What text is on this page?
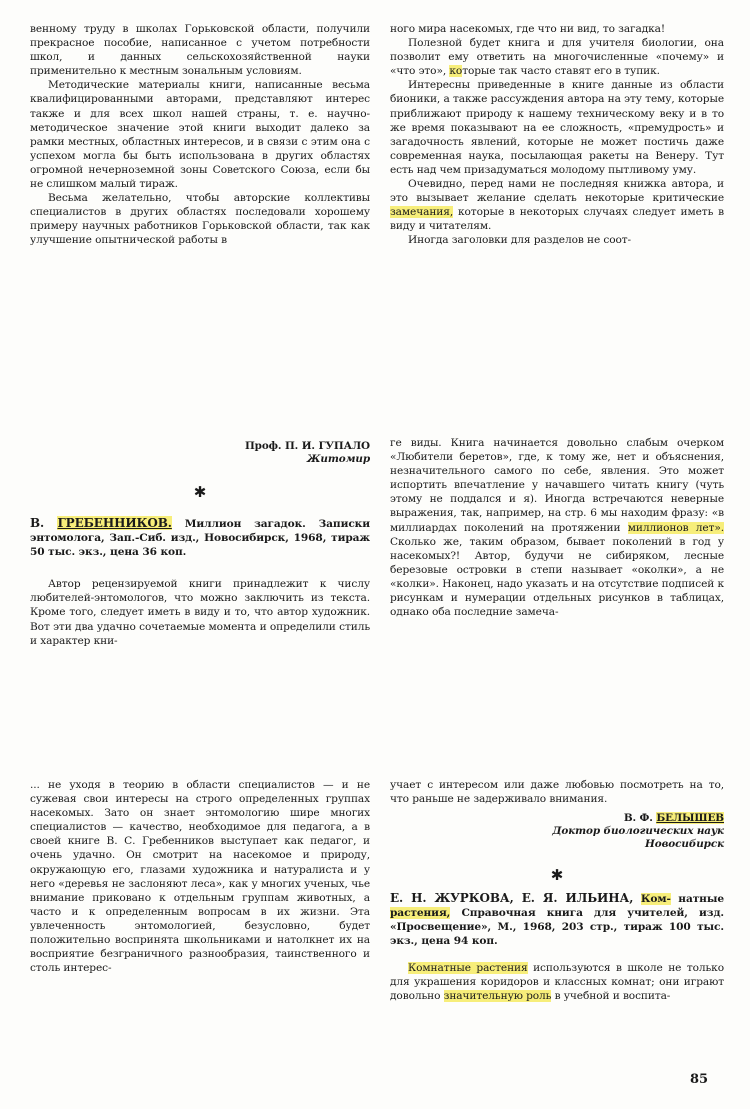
венному труду в школах Горьковской области, получили прекрасное пособие, написанное с учетом потребности школ, и данных сельскохозяйственной науки применительно к местным зональным условиям.

Методические материалы книги, написанные весьма квалифицированными авторами, представляют интерес также и для всех школ нашей страны, т. е. научно-методическое значение этой книги выходит далеко за рамки местных, областных интересов, и в связи с этим она с успехом могла бы быть использована в других областях огромной нечерноземной зоны Советского Союза, если бы не слишком малый тираж.

Весьма желательно, чтобы авторские коллективы специалистов в других областях последовали хорошему примеру научных работников Горьковской области, так как улучшение опытнической работы в

ного мира насекомых, где что ни вид, то загадка!

Полезной будет книга и для учителя биологии, она позволит ему ответить на многочисленные «почему» и «что это», которые так часто ставят его в тупик.

Интересны приведенные в книге данные из области бионики, а также рассуждения автора на эту тему, которые приближают природу к нашему техническому веку и в то же время показывают на ее сложность, «премудрость» и загадочность явлений, которые не может постичь даже современная наука, посылающая ракеты на Венеру. Тут есть над чем призадуматься молодому пытливому уму.

Очевидно, перед нами не последняя книжка автора, и это вызывает желание сделать некоторые критические замечания, которые в некоторых случаях следует иметь в виду и читателям.

Иногда заголовки для разделов не соот-

Проф. П. И. ГУПАЛО
Житомир

✱

В. ГРЕБЕННИКОВ. Миллион загадок. Записки энтомолога, Зап.-Сиб. изд., Новосибирск, 1968, тираж 50 тыс. экз., цена 36 коп.

Автор рецензируемой книги принадлежит к числу любителей-энтомологов, что можно заключить из текста. Кроме того, следует иметь в виду и то, что автор художник. Вот эти два удачно сочетаемые момента и определили стиль и характер кни-

ге виды. Книга начинается довольно слабым очерком «Любители беретов», где, к тому же, нет и объяснения, незначительного самого по себе, явления. Это может испортить впечатление у начавшего читать книгу (чуть этому не поддался и я). Иногда встречаются неверные выражения, так, например, на стр. 6 мы находим фразу: «в миллиардах поколений на протяжении миллионов лет». Сколько же, таким образом, бывает поколений в год у насекомых?! Автор, будучи не сибиряком, лесные березовые островки в степи называет «околки», а не «колки». Наконец, надо указать и на отсутствие подписей к рисункам и нумерации отдельных рисунков в таблицах, однако оба последние замеча-

... не уходя в теорию в области специалистов — и не сужевая свои интересы на строго определенных группах насекомых. Зато он знает энтомологию шире многих специалистов — качество, необходимое для педагога, а в своей книге В. С. Гребенников выступает как педагог, и очень удачно. Он смотрит на насекомое и природу, окружающую его, глазами художника и натуралиста и у него «деревья не заслоняют леса», как у многих ученых, чье внимание приковано к отдельным группам животных, а часто и к определенным вопросам в их жизни. Эта увлеченность энтомологией, безусловно, будет положительно воспринята школьниками и натолкнет их на восприятие безграничного разнообразия, таинственного и столь интерес-

учает с интересом или даже любовью посмотреть на то, что раньше не задерживало внимания.

В. Ф. БЕЛЫШЕВ
Доктор биологических наук
Новосибирск

✱

Е. Н. ЖУРКОВА, Е. Я. ИЛЬИНА, Ком- натные растения, Справочная книга для учителей, изд. «Просвещение», М., 1968, 203 стр., тираж 100 тыс. экз., цена 94 коп.

Комнатные растения используются в школе не только для украшения коридоров и классных комнат; они играют довольно значительную роль в учебной и воспита-

85
